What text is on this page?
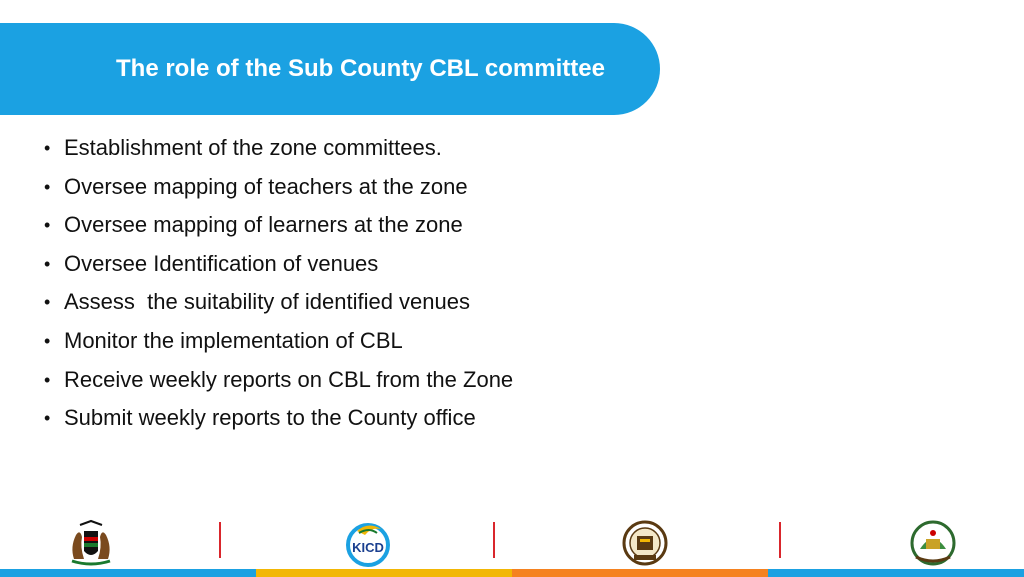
The role of the Sub County CBL committee
• Establishment of the zone committees.
• Oversee mapping of teachers at the zone
• Oversee mapping of learners at the zone
• Oversee Identification of venues
• Assess  the suitability of identified venues
• Monitor the implementation of CBL
• Receive weekly reports on CBL from the Zone
• Submit weekly reports to the County office
KICD
